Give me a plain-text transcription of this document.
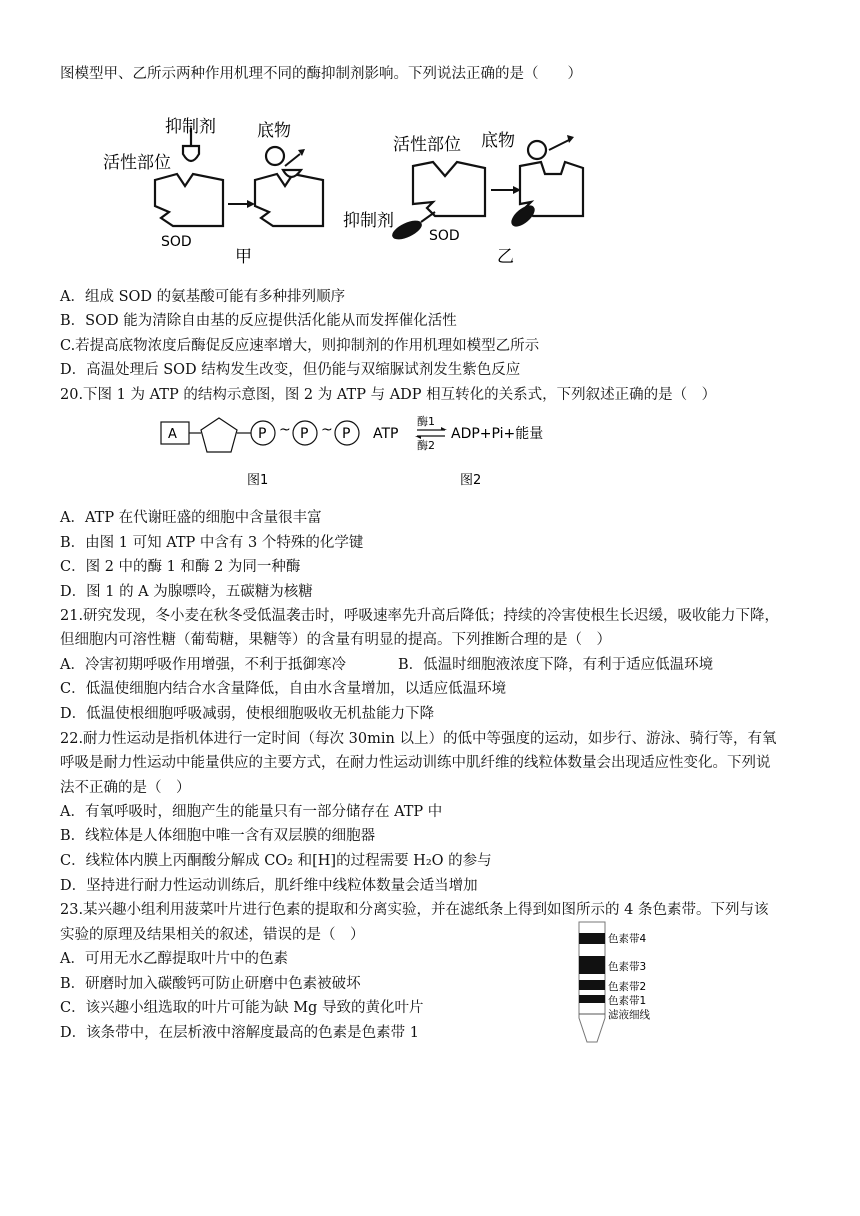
图模型甲、乙所示两种作用机理不同的酶抑制剂影响。下列说法正确的是（　　）
抑制剂 底物
活性部位
SOD
甲
活性部位 底物
抑制剂
SOD
乙
A．组成 SOD 的氨基酸可能有多种排列顺序
B．SOD 能为清除自由基的反应提供活化能从而发挥催化活性
C.若提高底物浓度后酶促反应速率增大，则抑制剂的作用机理如模型乙所示
D．高温处理后 SOD 结构发生改变，但仍能与双缩脲试剂发生紫色反应
20.下图 1 为 ATP 的结构示意图，图 2 为 ATP 与 ADP 相互转化的关系式，下列叙述正确的是（　）
A	P P P
~ ~	ATP
酶1
酶2
ADP+Pi+能量
图1	图2
A．ATP 在代谢旺盛的细胞中含量很丰富
B．由图 1 可知 ATP 中含有 3 个特殊的化学键
C．图 2 中的酶 1 和酶 2 为同一种酶
D．图 1 的 A 为腺嘌呤，五碳糖为核糖
21.研究发现，冬小麦在秋冬受低温袭击时，呼吸速率先升高后降低；持续的冷害使根生长迟缓，吸收能力下降，
但细胞内可溶性糖（葡萄糖，果糖等）的含量有明显的提高。下列推断合理的是（　）
A．冷害初期呼吸作用增强，不利于抵御寒冷	B．低温时细胞液浓度下降，有利于适应低温环境
C．低温使细胞内结合水含量降低，自由水含量增加，以适应低温环境
D．低温使根细胞呼吸减弱，使根细胞吸收无机盐能力下降
22.耐力性运动是指机体进行一定时间（每次 30min 以上）的低中等强度的运动，如步行、游泳、骑行等，有氧
呼吸是耐力性运动中能量供应的主要方式，在耐力性运动训练中肌纤维的线粒体数量会出现适应性变化。下列说
法不正确的是（　）
A．有氧呼吸时，细胞产生的能量只有一部分储存在 ATP 中
B．线粒体是人体细胞中唯一含有双层膜的细胞器
C．线粒体内膜上丙酮酸分解成 CO₂ 和[H]的过程需要 H₂O 的参与
D．坚持进行耐力性运动训练后，肌纤维中线粒体数量会适当增加
23.某兴趣小组利用菠菜叶片进行色素的提取和分离实验，并在滤纸条上得到如图所示的 4 条色素带。下列与该
实验的原理及结果相关的叙述，错误的是（　）
A．可用无水乙醇提取叶片中的色素
B．研磨时加入碳酸钙可防止研磨中色素被破坏
C．该兴趣小组选取的叶片可能为缺 Mg 导致的黄化叶片
D．该条带中，在层析液中溶解度最高的色素是色素带 1
色素带4
色素带3
色素带2
色素带1
滤液细线
